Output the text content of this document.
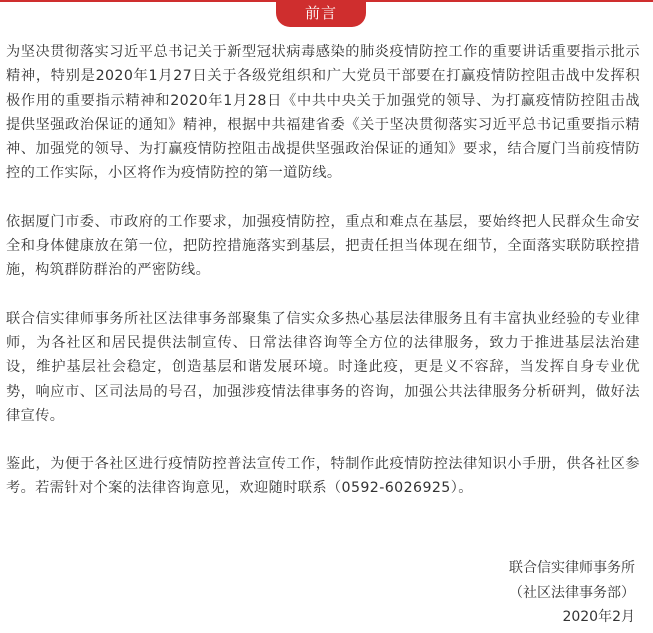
前言

为坚决贯彻落实习近平总书记关于新型冠状病毒感染的肺炎疫情防控工作的重要讲话重要指示批示精神，特别是2020年1月27日关于各级党组织和广大党员干部要在打赢疫情防控阻击战中发挥积极作用的重要指示精神和2020年1月28日《中共中央关于加强党的领导、为打赢疫情防控阻击战提供坚强政治保证的通知》精神，根据中共福建省委《关于坚决贯彻落实习近平总书记重要指示精神、加强党的领导、为打赢疫情防控阻击战提供坚强政治保证的通知》要求，结合厦门当前疫情防控的工作实际，小区将作为疫情防控的第一道防线。

依据厦门市委、市政府的工作要求，加强疫情防控，重点和难点在基层，要始终把人民群众生命安全和身体健康放在第一位，把防控措施落实到基层，把责任担当体现在细节，全面落实联防联控措施，构筑群防群治的严密防线。

联合信实律师事务所社区法律事务部聚集了信实众多热心基层法律服务且有丰富执业经验的专业律师，为各社区和居民提供法制宣传、日常法律咨询等全方位的法律服务，致力于推进基层法治建设，维护基层社会稳定，创造基层和谐发展环境。时逢此疫，更是义不容辞，当发挥自身专业优势，响应市、区司法局的号召，加强涉疫情法律事务的咨询，加强公共法律服务分析研判，做好法律宣传。

鉴此，为便于各社区进行疫情防控普法宣传工作，特制作此疫情防控法律知识小手册，供各社区参考。若需针对个案的法律咨询意见，欢迎随时联系（0592-6026925）。

联合信实律师事务所
（社区法律事务部）
2020年2月
